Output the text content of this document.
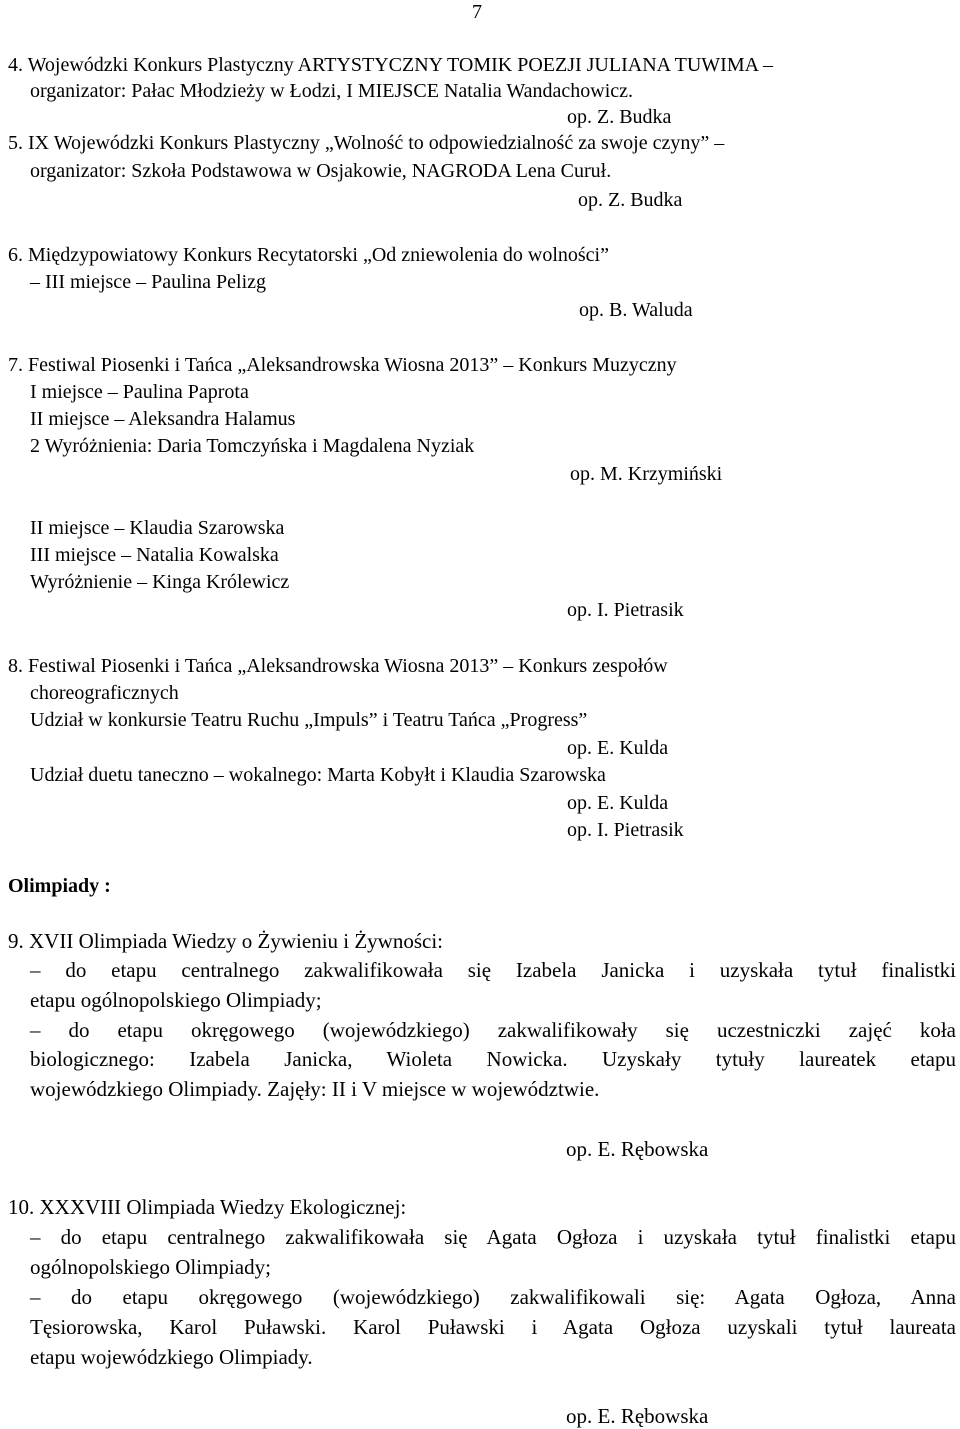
7
4. Wojewódzki Konkurs Plastyczny ARTYSTYCZNY TOMIK POEZJI JULIANA TUWIMA –
organizator: Pałac Młodzieży w Łodzi, I MIEJSCE Natalia Wandachowicz.
op. Z. Budka
5. IX Wojewódzki Konkurs Plastyczny „Wolność to odpowiedzialność za swoje czyny” –
organizator: Szkoła Podstawowa w Osjakowie, NAGRODA Lena Curuł.
op. Z. Budka
6. Międzypowiatowy Konkurs Recytatorski „Od zniewolenia do wolności”
– III miejsce – Paulina Pelizg
op. B. Waluda
7. Festiwal Piosenki i Tańca „Aleksandrowska Wiosna 2013” – Konkurs Muzyczny
I miejsce – Paulina Paprota
II miejsce – Aleksandra Halamus
2 Wyróżnienia: Daria Tomczyńska i Magdalena Nyziak
op. M. Krzymiński
II miejsce – Klaudia Szarowska
III miejsce – Natalia Kowalska
Wyróżnienie – Kinga Królewicz
op. I. Pietrasik
8. Festiwal Piosenki i Tańca „Aleksandrowska Wiosna 2013” – Konkurs zespołów
choreograficznych
Udział w konkursie Teatru Ruchu „Impuls” i Teatru Tańca „Progress”
op. E. Kulda
Udział duetu taneczno – wokalnego: Marta Kobyłt i Klaudia Szarowska
op. E. Kulda
op. I. Pietrasik
Olimpiady :
9. XVII Olimpiada Wiedzy o Żywieniu i Żywności:
– do etapu centralnego zakwalifikowała się Izabela Janicka i uzyskała tytuł finalistki
etapu ogólnopolskiego Olimpiady;
– do etapu okręgowego (wojewódzkiego) zakwalifikowały się uczestniczki zajęć koła
biologicznego: Izabela Janicka, Wioleta Nowicka. Uzyskały tytuły laureatek etapu
wojewódzkiego Olimpiady. Zajęły: II i V miejsce w województwie.
op. E. Rębowska
10. XXXVIII Olimpiada Wiedzy Ekologicznej:
– do etapu centralnego zakwalifikowała się Agata Ogłoza i uzyskała tytuł finalistki etapu
ogólnopolskiego Olimpiady;
– do etapu okręgowego (wojewódzkiego) zakwalifikowali się: Agata Ogłoza, Anna
Tęsiorowska, Karol Puławski. Karol Puławski i Agata Ogłoza uzyskali tytuł laureata
etapu wojewódzkiego Olimpiady.
op. E. Rębowska
